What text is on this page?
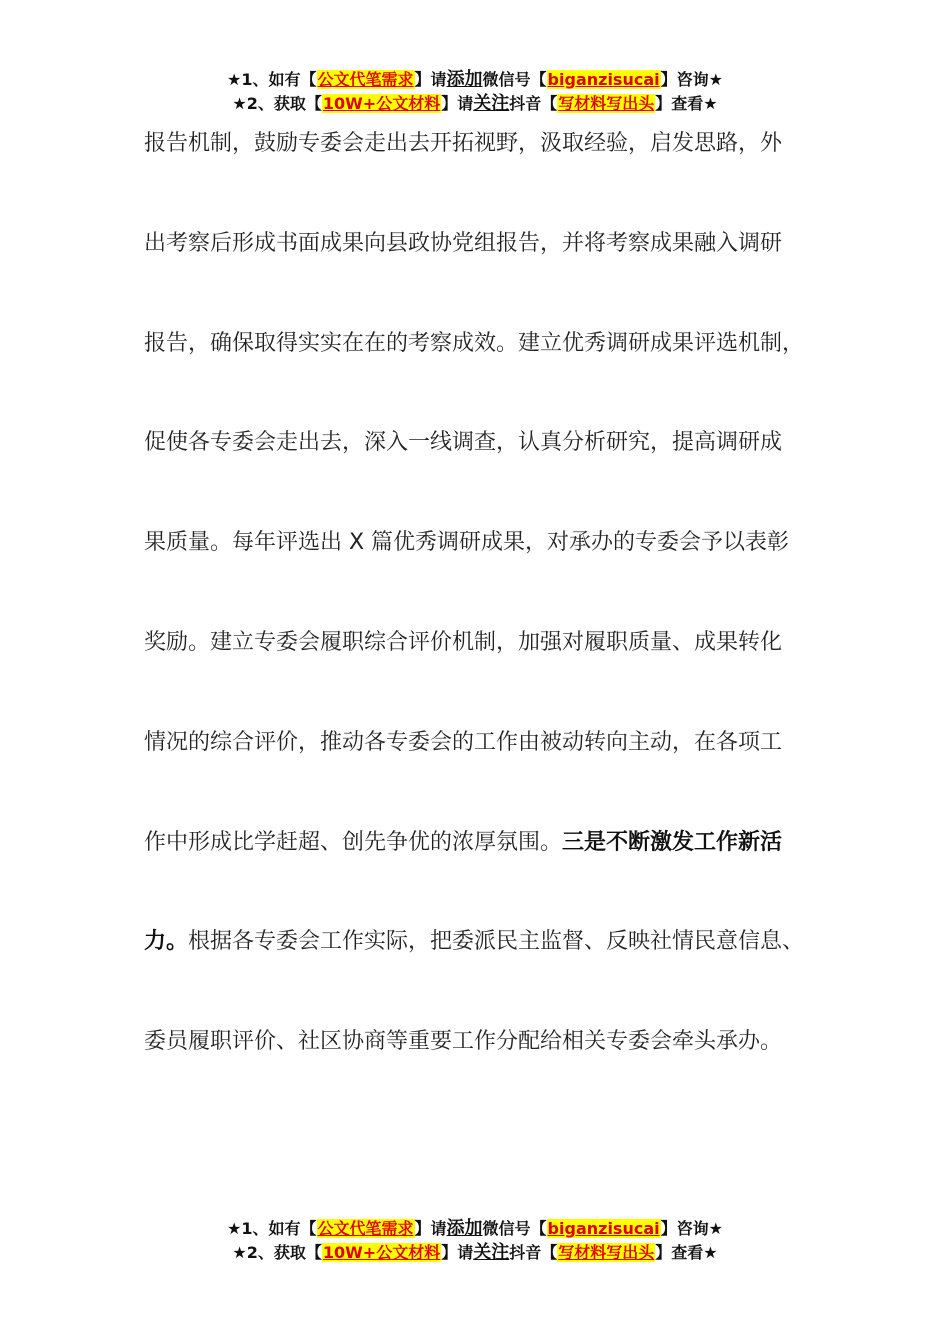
★1、如有【公文代笔需求】请添加微信号【biganzisucai】咨询★
★2、获取【10W+公文材料】请关注抖音【写材料写出头】查看★
报告机制，鼓励专委会走出去开拓视野，汲取经验，启发思路，外
出考察后形成书面成果向县政协党组报告，并将考察成果融入调研
报告，确保取得实实在在的考察成效。建立优秀调研成果评选机制，
促使各专委会走出去，深入一线调查，认真分析研究，提高调研成
果质量。每年评选出 X 篇优秀调研成果，对承办的专委会予以表彰
奖励。建立专委会履职综合评价机制，加强对履职质量、成果转化
情况的综合评价，推动各专委会的工作由被动转向主动，在各项工
作中形成比学赶超、创先争优的浓厚氛围。三是不断激发工作新活
力。根据各专委会工作实际，把委派民主监督、反映社情民意信息、
委员履职评价、社区协商等重要工作分配给相关专委会牵头承办。
★1、如有【公文代笔需求】请添加微信号【biganzisucai】咨询★
★2、获取【10W+公文材料】请关注抖音【写材料写出头】查看★
